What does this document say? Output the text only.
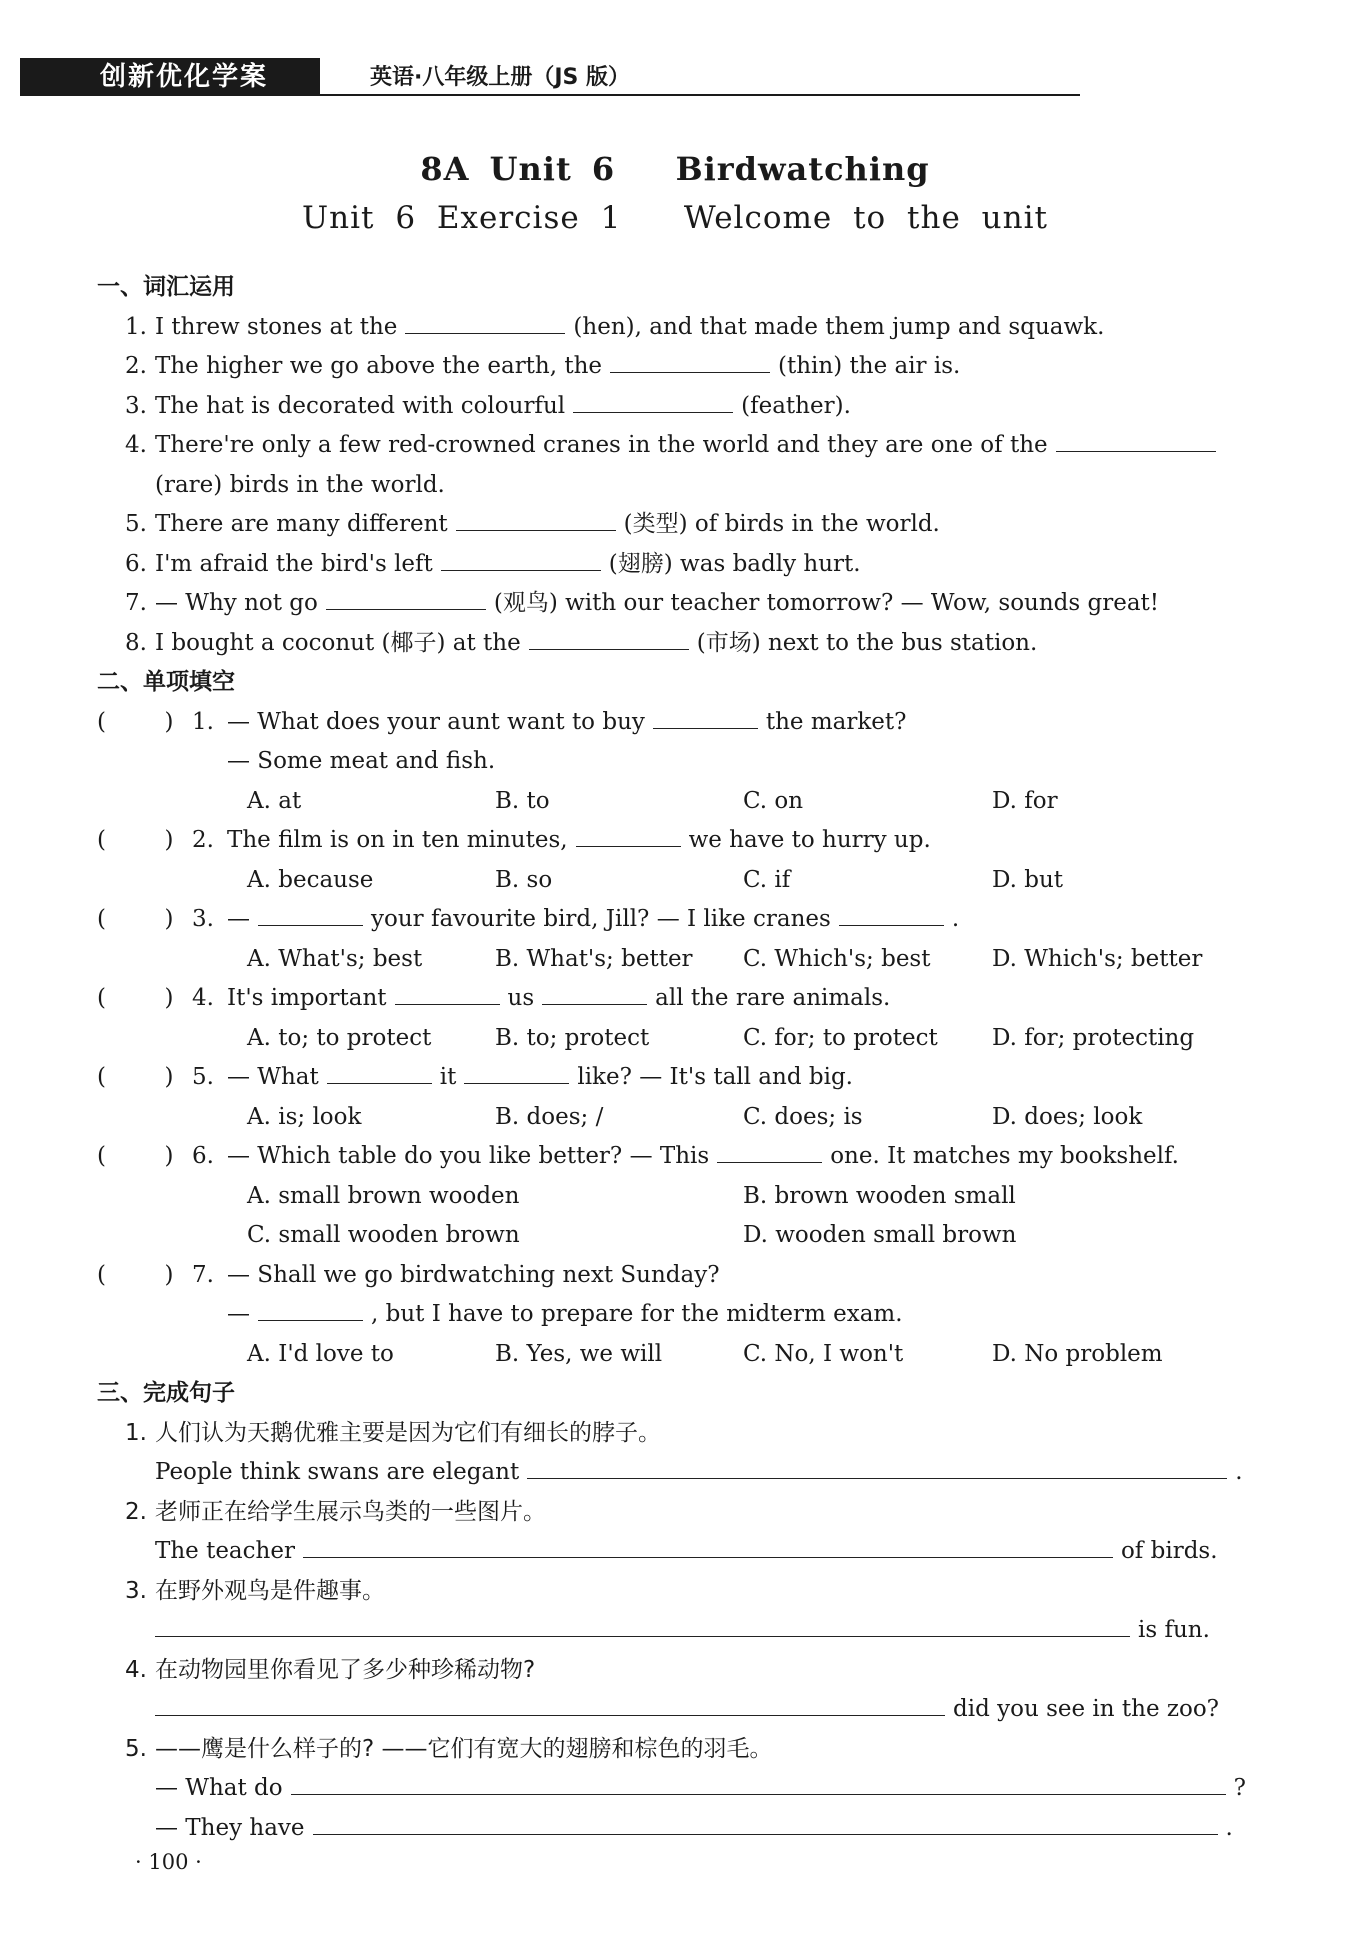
创新优化学案	英语·八年级上册（JS 版）
8A Unit 6   Birdwatching
Unit 6 Exercise 1   Welcome to the unit
一、词汇运用
1. I threw stones at the	(hen), and that made them jump and squawk.
2. The higher we go above the earth, the	(thin) the air is.
3. The hat is decorated with colourful	(feather).
4. There're only a few red-crowned cranes in the world and they are one of the
(rare) birds in the world.
5. There are many different	(类型) of birds in the world.
6. I'm afraid the bird's left	(翅膀) was badly hurt.
7. — Why not go	(观鸟) with our teacher tomorrow? — Wow, sounds great!
8. I bought a coconut (椰子) at the	(市场) next to the bus station.
二、单项填空
(        ) 1. — What does your aunt want to buy	the market?
— Some meat and fish.
A. at	B. to	C. on	D. for
(        ) 2. The film is on in ten minutes,	we have to hurry up.
A. because	B. so	C. if	D. but
(        ) 3. —	your favourite bird, Jill? — I like cranes	.
A. What's; best	B. What's; better C. Which's; best	D. Which's; better
(        ) 4. It's important	us	all the rare animals.
A. to; to protect	B. to; protect	C. for; to protect D. for; protecting
(        ) 5. — What	it	like? — It's tall and big.
A. is; look	B. does; /	C. does; is	D. does; look
(        ) 6. — Which table do you like better? — This	one. It matches my bookshelf.
A. small brown wooden	B. brown wooden small
C. small wooden brown	D. wooden small brown
(        ) 7. — Shall we go birdwatching next Sunday?
—	, but I have to prepare for the midterm exam.
A. I'd love to	B. Yes, we will	C. No, I won't	D. No problem
三、完成句子
1. 人们认为天鹅优雅主要是因为它们有细长的脖子。
People think swans are elegant	.
2. 老师正在给学生展示鸟类的一些图片。
The teacher	of birds.
3. 在野外观鸟是件趣事。
is fun.
4. 在动物园里你看见了多少种珍稀动物?
did you see in the zoo?
5. ——鹰是什么样子的? ——它们有宽大的翅膀和棕色的羽毛。
— What do	?
— They have	.
· 100 ·
